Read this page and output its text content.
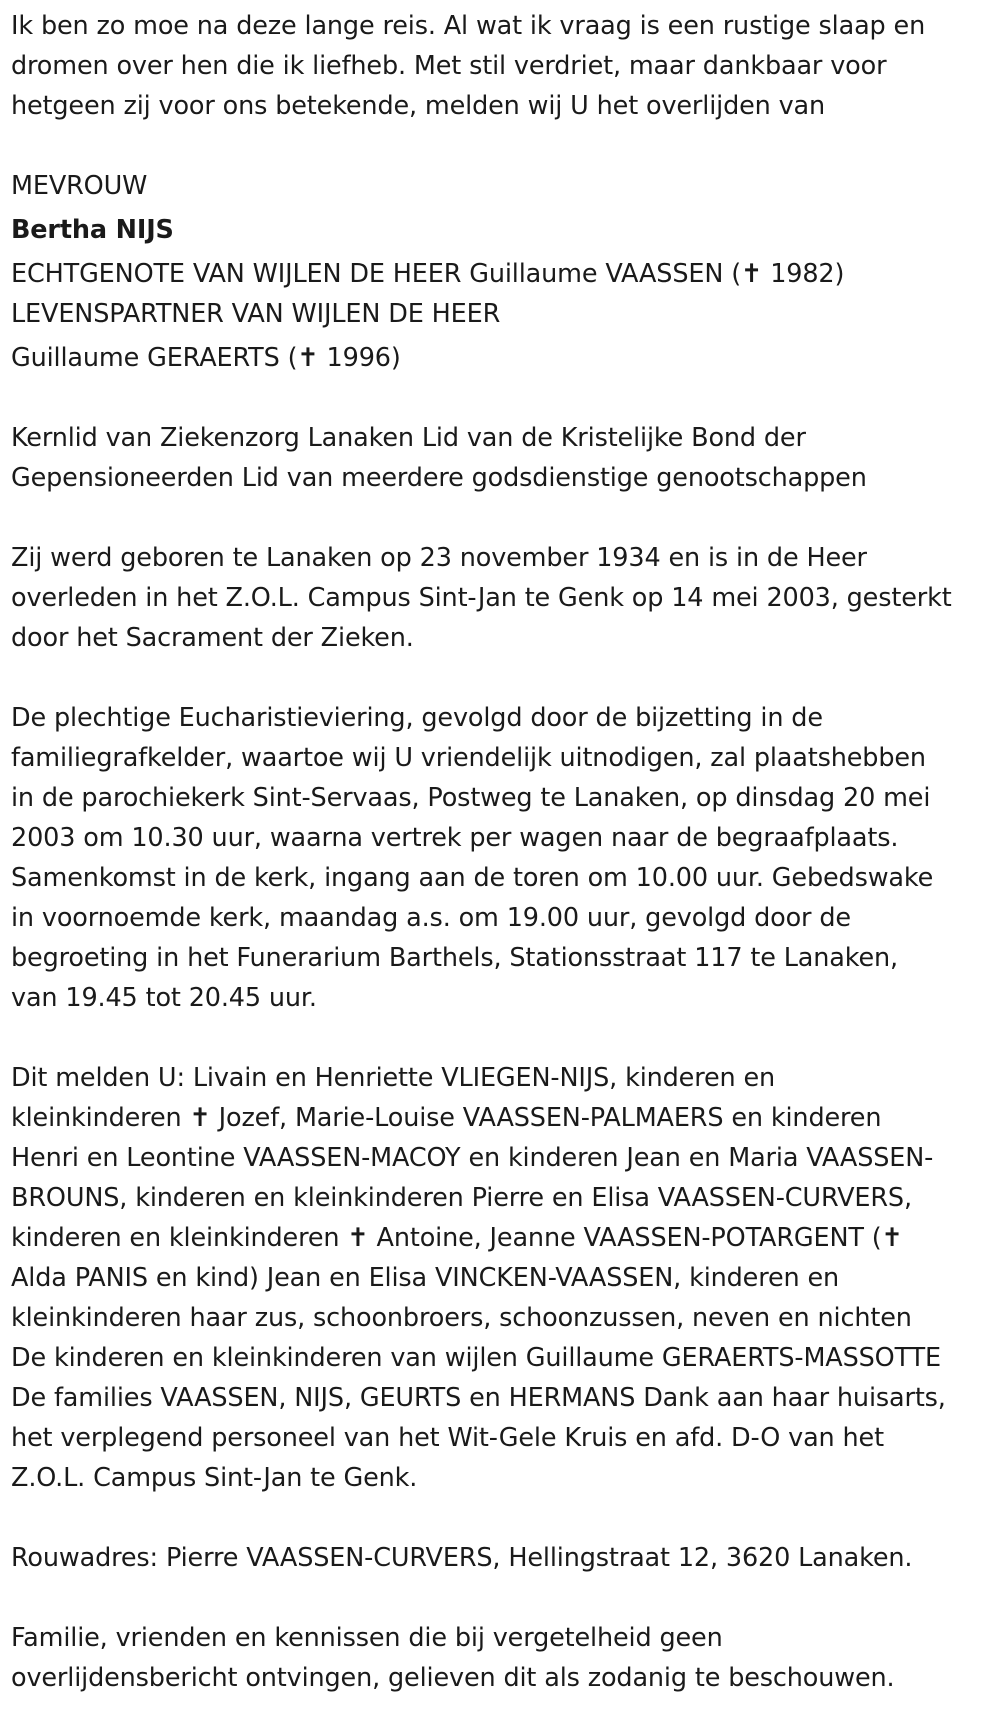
Ik ben zo moe na deze lange reis. Al wat ik vraag is een rustige slaap en
dromen over hen die ik liefheb. Met stil verdriet, maar dankbaar voor
hetgeen zij voor ons betekende, melden wij U het overlijden van

MEVROUW

Bertha NIJS

ECHTGENOTE VAN WIJLEN DE HEER Guillaume VAASSEN (✝ 1982)

LEVENSPARTNER VAN WIJLEN DE HEER

Guillaume GERAERTS (✝ 1996)

Kernlid van Ziekenzorg Lanaken Lid van de Kristelijke Bond der
Gepensioneerden Lid van meerdere godsdienstige genootschappen

Zij werd geboren te Lanaken op 23 november 1934 en is in de Heer
overleden in het Z.O.L. Campus Sint-Jan te Genk op 14 mei 2003, gesterkt
door het Sacrament der Zieken.

De plechtige Eucharistieviering, gevolgd door de bijzetting in de
familiegrafkelder, waartoe wij U vriendelijk uitnodigen, zal plaatshebben
in de parochiekerk Sint-Servaas, Postweg te Lanaken, op dinsdag 20 mei
2003 om 10.30 uur, waarna vertrek per wagen naar de begraafplaats.
Samenkomst in de kerk, ingang aan de toren om 10.00 uur. Gebedswake
in voornoemde kerk, maandag a.s. om 19.00 uur, gevolgd door de
begroeting in het Funerarium Barthels, Stationsstraat 117 te Lanaken,
van 19.45 tot 20.45 uur.

Dit melden U: Livain en Henriette VLIEGEN-NIJS, kinderen en
kleinkinderen ✝ Jozef, Marie-Louise VAASSEN-PALMAERS en kinderen
Henri en Leontine VAASSEN-MACOY en kinderen Jean en Maria VAASSEN-
BROUNS, kinderen en kleinkinderen Pierre en Elisa VAASSEN-CURVERS,
kinderen en kleinkinderen ✝ Antoine, Jeanne VAASSEN-POTARGENT (✝
Alda PANIS en kind) Jean en Elisa VINCKEN-VAASSEN, kinderen en
kleinkinderen haar zus, schoonbroers, schoonzussen, neven en nichten
De kinderen en kleinkinderen van wijlen Guillaume GERAERTS-MASSOTTE
De families VAASSEN, NIJS, GEURTS en HERMANS Dank aan haar huisarts,
het verplegend personeel van het Wit-Gele Kruis en afd. D-O van het
Z.O.L. Campus Sint-Jan te Genk.

Rouwadres: Pierre VAASSEN-CURVERS, Hellingstraat 12, 3620 Lanaken.

Familie, vrienden en kennissen die bij vergetelheid geen
overlijdensbericht ontvingen, gelieven dit als zodanig te beschouwen.
